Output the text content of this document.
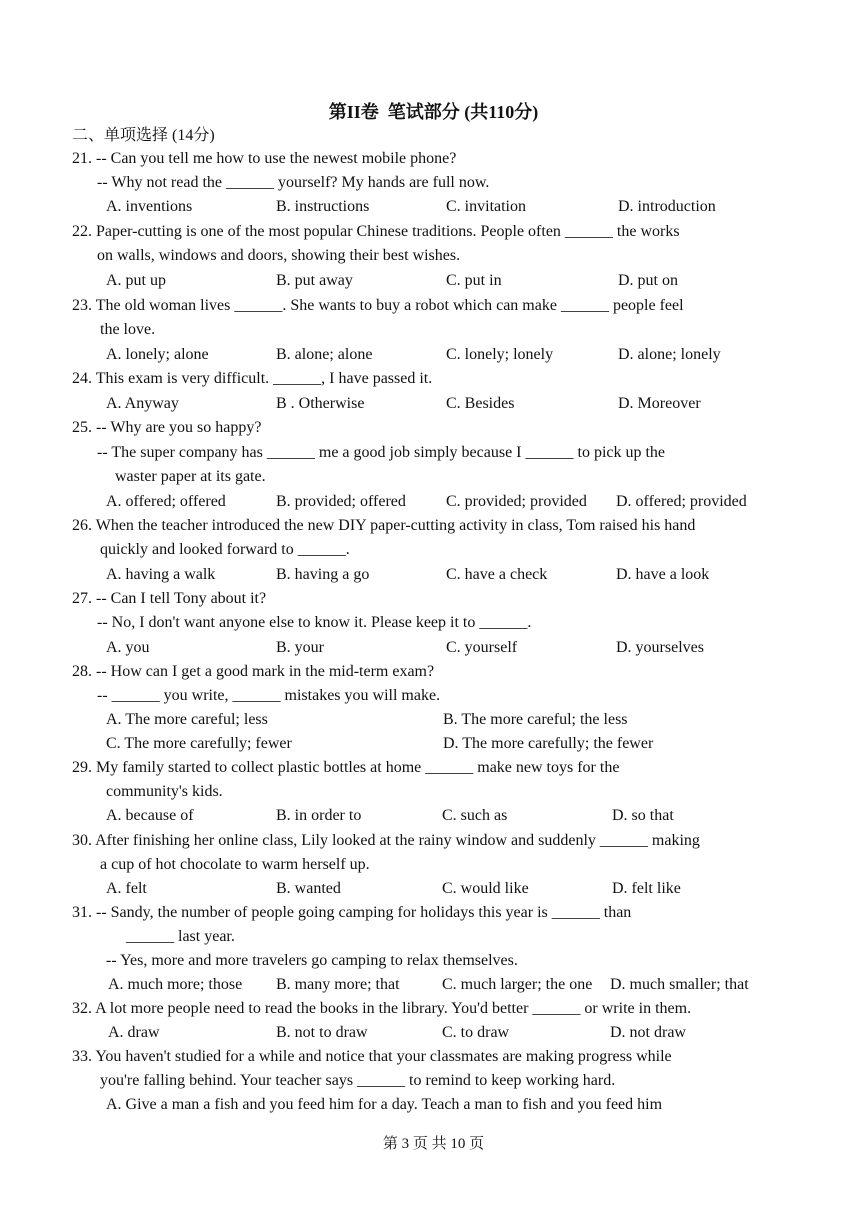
第II卷  笔试部分 (共110分)
二、单项选择 (14分)
21. -- Can you tell me how to use the newest mobile phone?
-- Why not read the ______ yourself? My hands are full now.
A. inventions	B. instructions	C. invitation	D. introduction
22. Paper-cutting is one of the most popular Chinese traditions. People often ______ the works
on walls, windows and doors, showing their best wishes.
A. put up	B. put away	C. put in	D. put on
23. The old woman lives ______. She wants to buy a robot which can make ______ people feel
the love.
A. lonely; alone	B. alone; alone	C. lonely; lonely	D. alone; lonely
24. This exam is very difficult. ______, I have passed it.
A. Anyway	B . Otherwise	C. Besides	D. Moreover
25. -- Why are you so happy?
-- The super company has ______ me a good job simply because I ______ to pick up the
waster paper at its gate.
A. offered; offered	B. provided; offered	C. provided; provided D. offered; provided
26. When the teacher introduced the new DIY paper-cutting activity in class, Tom raised his hand
quickly and looked forward to ______.
A. having a walk	B. having a go	C. have a check	D. have a look
27. -- Can I tell Tony about it?
-- No, I don't want anyone else to know it. Please keep it to ______.
A. you	B. your	C. yourself	D. yourselves
28. -- How can I get a good mark in the mid-term exam?
-- ______ you write, ______ mistakes you will make.
A. The more careful; less	B. The more careful; the less
C. The more carefully; fewer	D. The more carefully; the fewer
29. My family started to collect plastic bottles at home ______ make new toys for the
community's kids.
A. because of	B. in order to	C. such as	D. so that
30. After finishing her online class, Lily looked at the rainy window and suddenly ______ making
a cup of hot chocolate to warm herself up.
A. felt	B. wanted	C. would like	D. felt like
31. -- Sandy, the number of people going camping for holidays this year is ______ than
______ last year.
-- Yes, more and more travelers go camping to relax themselves.
A. much more; those B. many more; that	C. much larger; the one D. much smaller; that
32. A lot more people need to read the books in the library. You'd better ______ or write in them.
A. draw	B. not to draw	C. to draw	D. not draw
33. You haven't studied for a while and notice that your classmates are making progress while
you're falling behind. Your teacher says ______ to remind to keep working hard.
A. Give a man a fish and you feed him for a day. Teach a man to fish and you feed him
第 3 页 共 10 页
